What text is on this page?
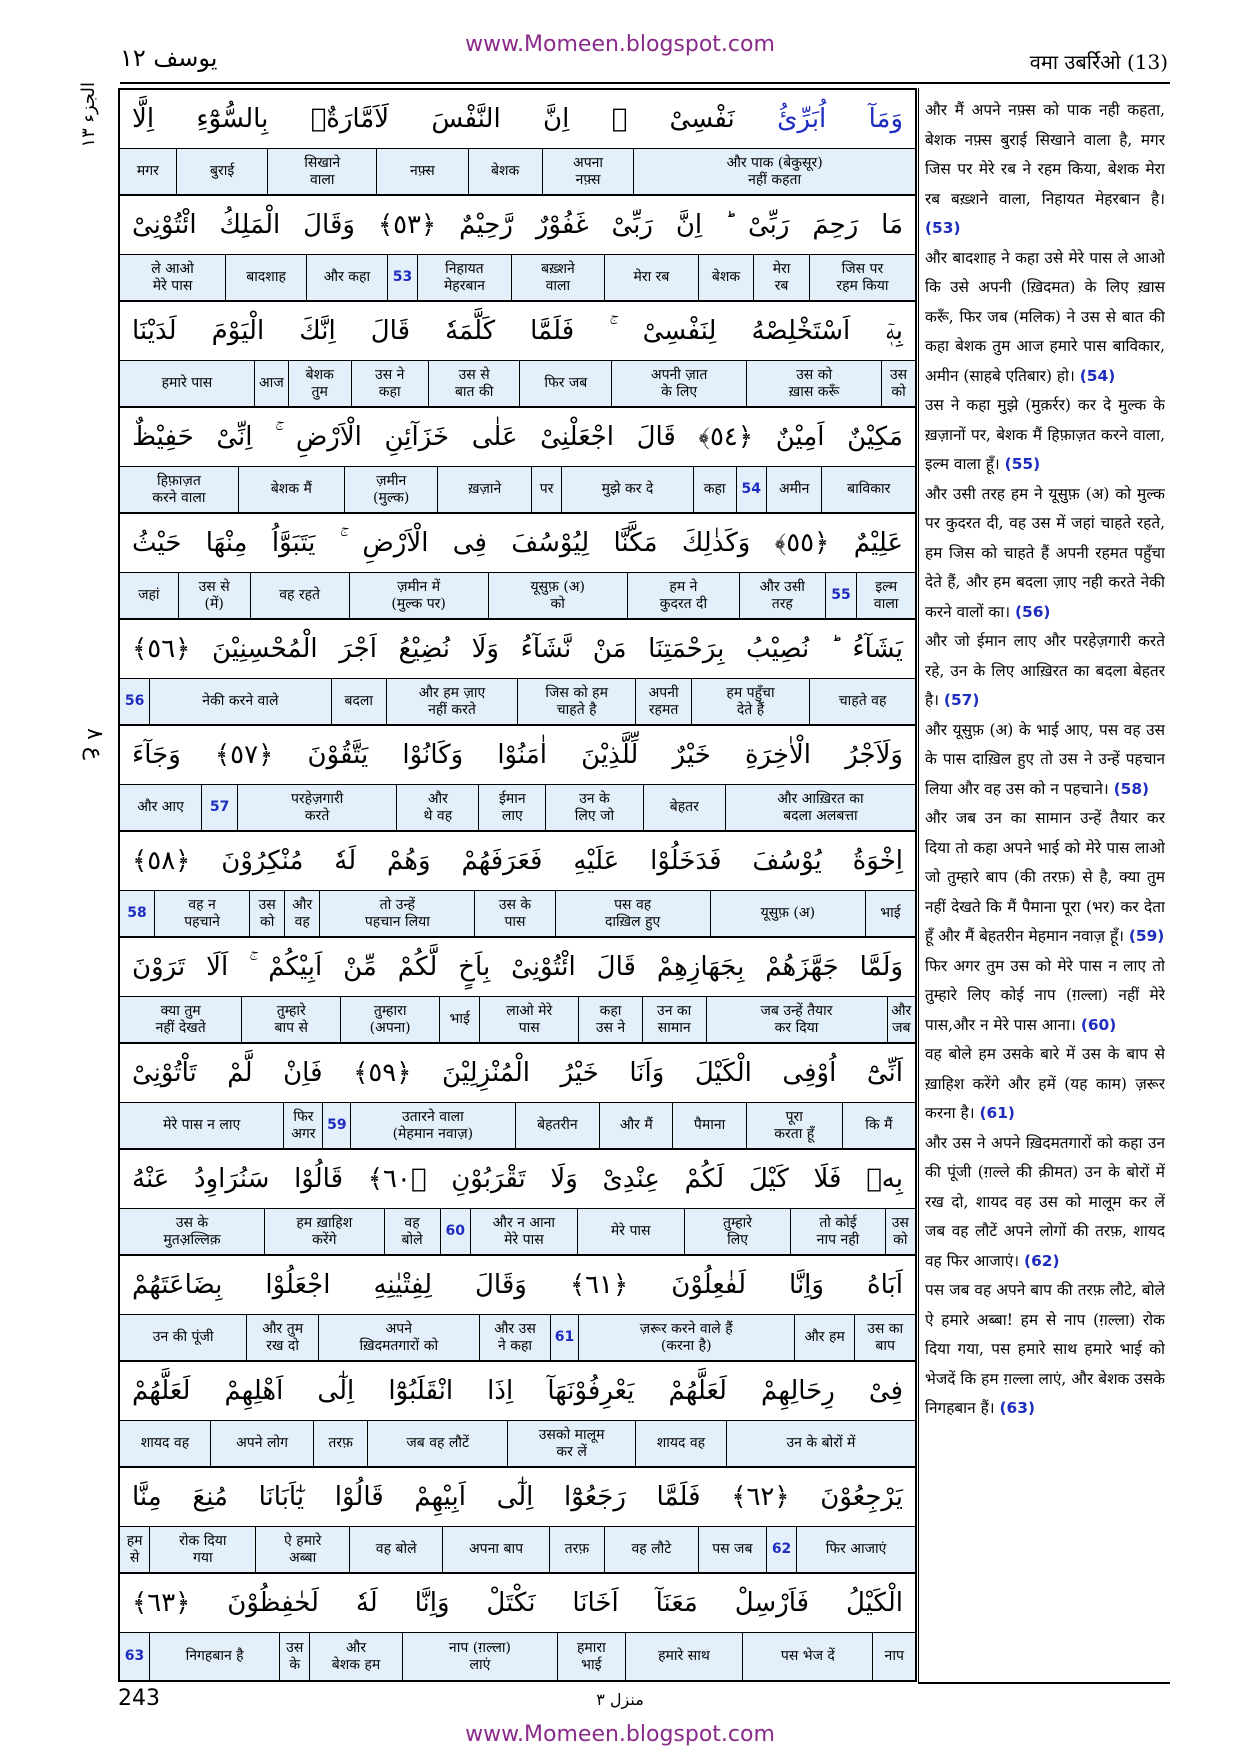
www.Momeen.blogspot.com
يوسف ١٢	वमा उबर्रिओ (13)
الجزء ١٣
ع ٨
وَمَآ اُبَرِّئُ نَفْسِىْ ۚ اِنَّ النَّفْسَ لَاَمَّارَةٌۢ بِالسُّوْٓءِ اِلَّا
और पाक (बेकुसूर)
नहीं कहता
अपना
नफ़्स
बेशक
नफ़्स
सिखाने
वाला
बुराई
मगर
مَا رَحِمَ رَبِّىْ ؕ اِنَّ رَبِّىْ غَفُوْرٌ رَّحِيْمٌ ﴿٥٣﴾ وَقَالَ الْمَلِكُ ائْتُوْنِىْ
जिस पर
रहम किया
मेरा
रब
बेशक
मेरा रब
बख़्शने
वाला
निहायत
मेहरबान
53
और कहा
बादशाह
ले आओ
मेरे पास
بِهٖٓ اَسْتَخْلِصْهُ لِنَفْسِىْ ۚ فَلَمَّا كَلَّمَهٗ قَالَ اِنَّكَ الْيَوْمَ لَدَيْنَا
उस
को
उस को
ख़ास करूँ
अपनी ज़ात
के लिए
फिर जब
उस से
बात की
उस ने
कहा
बेशक
तुम
आज
हमारे पास
مَكِيْنٌ اَمِيْنٌ ﴿٥٤﴾ قَالَ اجْعَلْنِىْ عَلٰى خَزَآئِنِ الْاَرْضِ ۚ اِنِّىْ حَفِيْظٌ
बाविकार
अमीन
54
कहा
मुझे कर दे
पर
ख़ज़ाने
ज़मीन
(मुल्क)
बेशक मैं
हिफ़ाज़त
करने वाला
عَلِيْمٌ ﴿٥٥﴾ وَكَذٰلِكَ مَكَّنَّا لِيُوْسُفَ فِى الْاَرْضِ ۚ يَتَبَوَّاُ مِنْهَا حَيْثُ
इल्म
वाला
55
और उसी
तरह
हम ने
कुदरत दी
यूसुफ़ (अ)
को
ज़मीन में
(मुल्क पर)
वह रहते
उस से
(में)
जहां
يَشَآءُ ؕ نُصِيْبُ بِرَحْمَتِنَا مَنْ نَّشَآءُ وَلَا نُضِيْعُ اَجْرَ الْمُحْسِنِيْنَ ﴿٥٦﴾
चाहते वह
हम पहुँचा
देते हैं
अपनी
रहमत
जिस को हम
चाहते है
और हम ज़ाए
नहीं करते
बदला
नेकी करने वाले
56
وَلَاَجْرُ الْاٰخِرَةِ خَيْرٌ لِّلَّذِيْنَ اٰمَنُوْا وَكَانُوْا يَتَّقُوْنَ ﴿٥٧﴾ وَجَآءَ
और आख़िरत का
बदला अलबत्ता
बेहतर
उन के
लिए जो
ईमान
लाए
और
थे वह
परहेज़गारी
करते
57
और आए
اِخْوَةُ يُوْسُفَ فَدَخَلُوْا عَلَيْهِ فَعَرَفَهُمْ وَهُمْ لَهٗ مُنْكِرُوْنَ ﴿٥٨﴾
भाई
यूसुफ़ (अ)
पस वह
दाख़िल हुए
उस के
पास
तो उन्हें
पहचान लिया
और
वह
उस
को
वह न
पहचाने
58
وَلَمَّا جَهَّزَهُمْ بِجَهَازِهِمْ قَالَ ائْتُوْنِىْ بِاَخٍ لَّكُمْ مِّنْ اَبِيْكُمْ ۚ اَلَا تَرَوْنَ
और
जब
जब उन्हें तैयार
कर दिया
उन का
सामान
कहा
उस ने
लाओ मेरे
पास
भाई
तुम्हारा
(अपना)
तुम्हारे
बाप से
क्या तुम
नहीं देखते
اَنِّىْٓ اُوْفِى الْكَيْلَ وَاَنَا خَيْرُ الْمُنْزِلِيْنَ ﴿٥٩﴾ فَاِنْ لَّمْ تَاْتُوْنِىْ
कि मैं
पूरा
करता हूँ
पैमाना
और मैं
बेहतरीन
उतारने वाला
(मेहमान नवाज़)
59
फिर
अगर
मेरे पास न लाए
بِهٖ فَلَا كَيْلَ لَكُمْ عِنْدِىْ وَلَا تَقْرَبُوْنِ ﴿٦٠﴾ قَالُوْا سَنُرَاوِدُ عَنْهُ
उस
को
तो कोई
नाप नही
तुम्हारे
लिए
मेरे पास
और न आना
मेरे पास
60
वह
बोले
हम ख़ाहिश
करेंगे
उस के
मुतअ़ल्लिक़
اَبَاهُ وَاِنَّا لَفٰعِلُوْنَ ﴿٦١﴾ وَقَالَ لِفِتْيٰنِهِ اجْعَلُوْا بِضَاعَتَهُمْ
उस का
बाप
और हम
ज़रूर करने वाले हैं
(करना है)
61
और उस
ने कहा
अपने
ख़िदमतगारों को
और तुम
रख दो
उन की पूंजी
فِىْ رِحَالِهِمْ لَعَلَّهُمْ يَعْرِفُوْنَهَآ اِذَا انْقَلَبُوْٓا اِلٰٓى اَهْلِهِمْ لَعَلَّهُمْ
उन के बोरों में
शायद वह
उसको मालूम
कर लें
जब वह लौटें
तरफ़
अपने लोग
शायद वह
يَرْجِعُوْنَ ﴿٦٢﴾ فَلَمَّا رَجَعُوْٓا اِلٰٓى اَبِيْهِمْ قَالُوْا يٰٓاَبَانَا مُنِعَ مِنَّا
फिर आजाएं
62
पस जब
वह लौटे
तरफ़
अपना बाप
वह बोले
ऐ हमारे
अब्बा
रोक दिया
गया
हम
से
الْكَيْلُ فَاَرْسِلْ مَعَنَآ اَخَانَا نَكْتَلْ وَاِنَّا لَهٗ لَحٰفِظُوْنَ ﴿٦٣﴾
नाप
पस भेज दें
हमारे साथ
हमारा
भाई
नाप (ग़ल्ला)
लाएं
और
बेशक हम
उस
के
निगहबान है
63
और मैं अपने नफ़्स को पाक नही कहता, बेशक नफ़्स बुराई सिखाने वाला है, मगर जिस पर मेरे रब ने रहम किया, बेशक मेरा रब बख़्शने वाला, निहायत मेहरबान है। (53)
और बादशाह ने कहा उसे मेरे पास ले आओ कि उसे अपनी (ख़िदमत) के लिए ख़ास करूँ, फिर जब (मलिक) ने उस से बात की कहा बेशक तुम आज हमारे पास बाविकार, अमीन (साहबे एतिबार) हो। (54)
उस ने कहा मुझे (मुक़र्रर) कर दे मुल्क के ख़ज़ानों पर, बेशक मैं हिफ़ाज़त करने वाला, इल्म वाला हूँ। (55)
और उसी तरह हम ने यूसुफ़ (अ) को मुल्क पर कुदरत दी, वह उस में जहां चाहते रहते, हम जिस को चाहते हैं अपनी रहमत पहुँचा देते हैं, और हम बदला ज़ाए नही करते नेकी करने वालों का। (56)
और जो ईमान लाए और परहेज़गारी करते रहे, उन के लिए आख़िरत का बदला बेहतर है। (57)
और यूसुफ़ (अ) के भाई आए, पस वह उस के पास दाख़िल हुए तो उस ने उन्हें पहचान लिया और वह उस को न पहचाने। (58)
और जब उन का सामान उन्हें तैयार कर दिया तो कहा अपने भाई को मेरे पास लाओ जो तुम्हारे बाप (की तरफ़) से है, क्या तुम नहीं देखते कि मैं पैमाना पूरा (भर) कर देता हूँ और मैं बेहतरीन मेहमान नवाज़ हूँ। (59)
फिर अगर तुम उस को मेरे पास न लाए तो तुम्हारे लिए कोई नाप (ग़ल्ला) नहीं मेरे पास,और न मेरे पास आना। (60)
वह बोले हम उसके बारे में उस के बाप से ख़ाहिश करेंगे और हमें (यह काम) ज़रूर करना है। (61)
और उस ने अपने ख़िदमतगारों को कहा उन की पूंजी (ग़ल्ले की क़ीमत) उन के बोरों में रख दो, शायद वह उस को मालूम कर लें जब वह लौटें अपने लोगों की तरफ़, शायद वह फिर आजाएं। (62)
पस जब वह अपने बाप की तरफ़ लौटे, बोले ऐ हमारे अब्बा! हम से नाप (ग़ल्ला) रोक दिया गया, पस हमारे साथ हमारे भाई को भेजदें कि हम ग़ल्ला लाएं, और बेशक उसके निगहबान हैं। (63)
243	منزل ٣
www.Momeen.blogspot.com
